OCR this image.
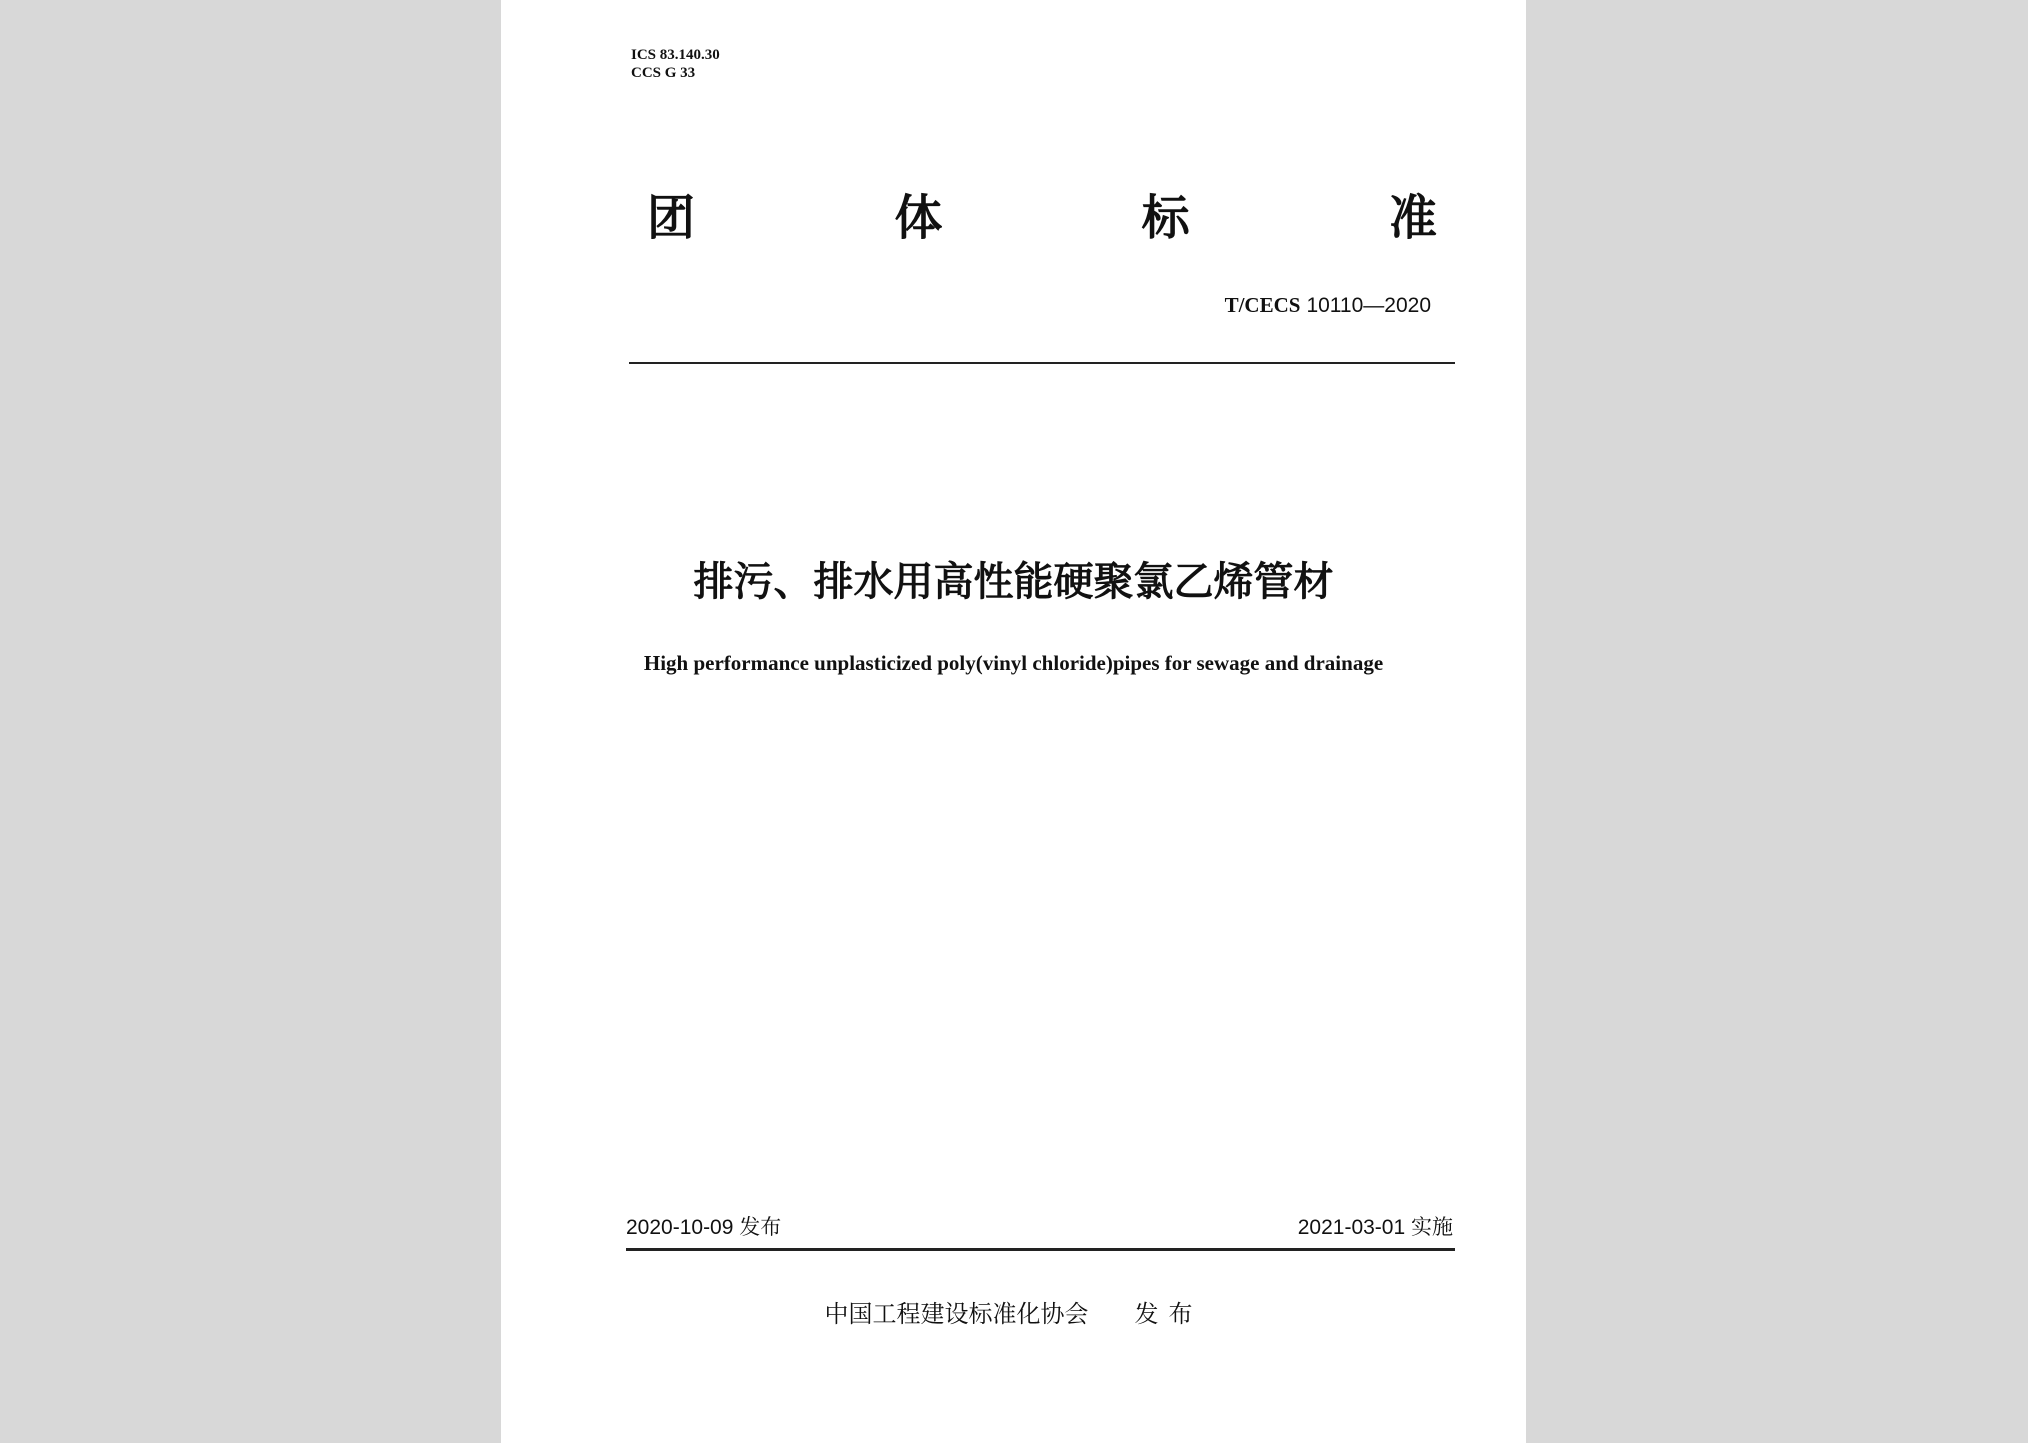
ICS 83.140.30
CCS G 33
团	体	标	准
T/CECS 10110—2020
排污、排水用高性能硬聚氯乙烯管材
High performance unplasticized poly(vinyl chloride)pipes for sewage and drainage
2020-10-09 发布	2021-03-01 实施
中国工程建设标准化协会 发布
